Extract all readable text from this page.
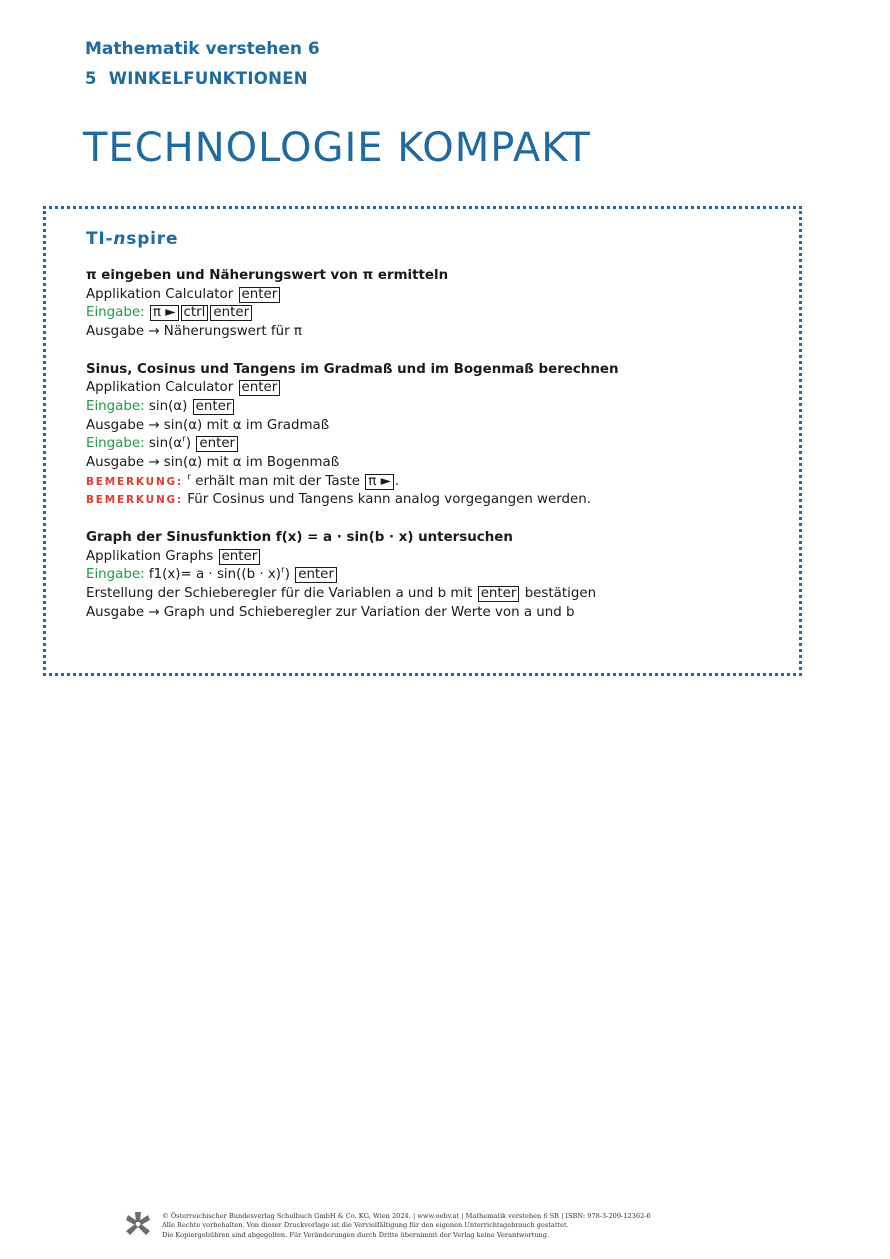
Mathematik verstehen 6
5 WINKELFUNKTIONEN
TECHNOLOGIE KOMPAKT
TI-nspire
π eingeben und Näherungswert von π ermitteln
Applikation Calculator enter
Eingabe: π ► ctrl enter
Ausgabe → Näherungswert für π
Sinus, Cosinus und Tangens im Gradmaß und im Bogenmaß berechnen
Applikation Calculator enter
Eingabe: sin(α) enter
Ausgabe → sin(α) mit α im Gradmaß
Eingabe: $\sin(\alpha^r)$ enter
Ausgabe → sin(α) mit α im Bogenmaß
BEMERKUNG: $^r$ erhält man mit der Taste π ► .
BEMERKUNG: Für Cosinus und Tangens kann analog vorgegangen werden.
Graph der Sinusfunktion f(x) = a · sin(b · x) untersuchen
Applikation Graphs enter
Eingabe: $f1(x)= a \cdot \sin((b \cdot x)^r)$ enter
Erstellung der Schieberegler für die Variablen a und b mit enter bestätigen
Ausgabe → Graph und Schieberegler zur Variation der Werte von a und b
© Österreichischer Bundesverlag Schulbuch GmbH & Co. KG, Wien 2024. | www.oebv.at | Mathematik verstehen 6 SB | ISBN: 978-3-209-12362-6
Alle Rechte vorbehalten. Von dieser Druckvorlage ist die Vervielfältigung für den eigenen Unterrichtsgebrauch gestattet.
Die Kopiergebühren sind abgegolten. Für Veränderungen durch Dritte übernimmt der Verlag keine Verantwortung.
